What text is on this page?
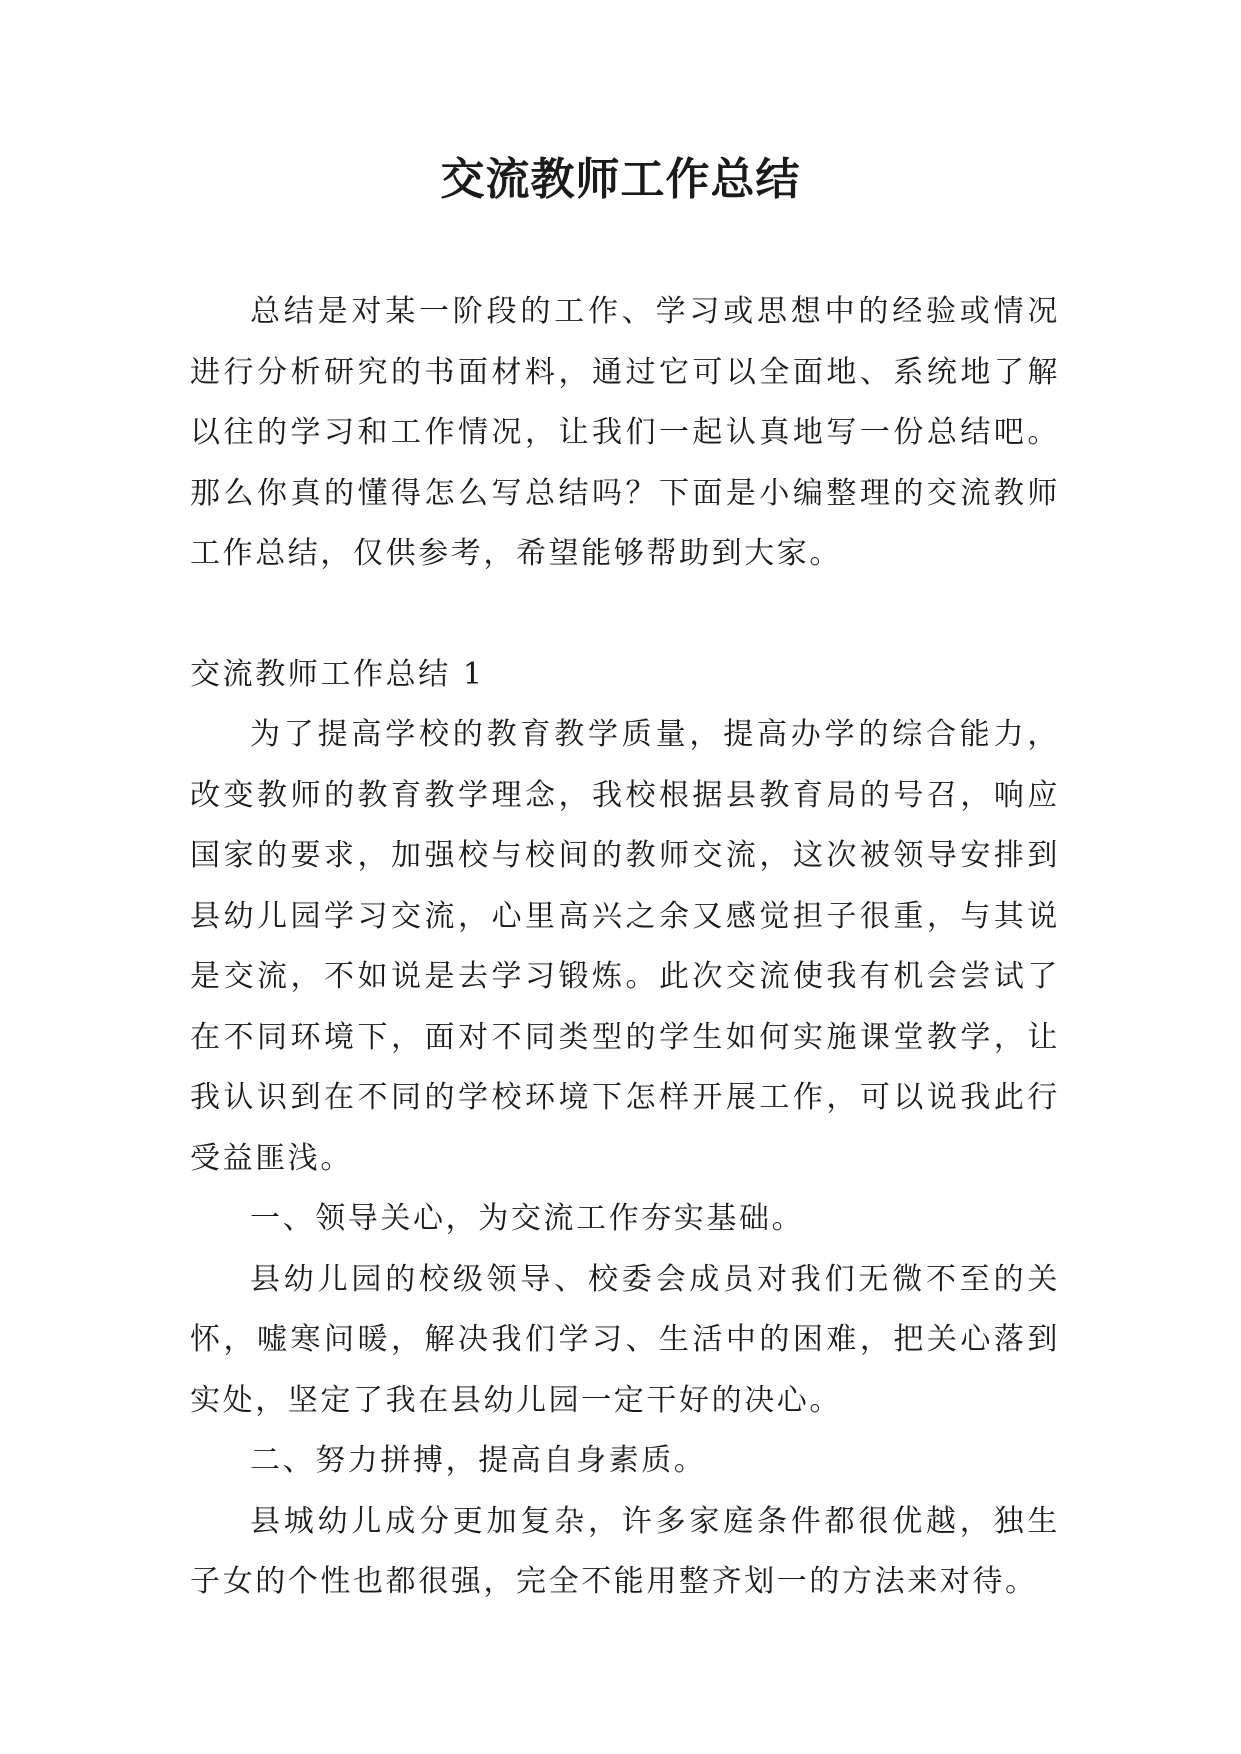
交流教师工作总结

总结是对某一阶段的工作、学习或思想中的经验或情况进行分析研究的书面材料，通过它可以全面地、系统地了解以往的学习和工作情况，让我们一起认真地写一份总结吧。那么你真的懂得怎么写总结吗？下面是小编整理的交流教师工作总结，仅供参考，希望能够帮助到大家。

交流教师工作总结 1

为了提高学校的教育教学质量，提高办学的综合能力，改变教师的教育教学理念，我校根据县教育局的号召，响应国家的要求，加强校与校间的教师交流，这次被领导安排到县幼儿园学习交流，心里高兴之余又感觉担子很重，与其说是交流，不如说是去学习锻炼。此次交流使我有机会尝试了在不同环境下，面对不同类型的学生如何实施课堂教学，让我认识到在不同的学校环境下怎样开展工作，可以说我此行受益匪浅。

一、领导关心，为交流工作夯实基础。

县幼儿园的校级领导、校委会成员对我们无微不至的关怀，嘘寒问暖，解决我们学习、生活中的困难，把关心落到实处，坚定了我在县幼儿园一定干好的决心。

二、努力拼搏，提高自身素质。

县城幼儿成分更加复杂，许多家庭条件都很优越，独生子女的个性也都很强，完全不能用整齐划一的方法来对待。
